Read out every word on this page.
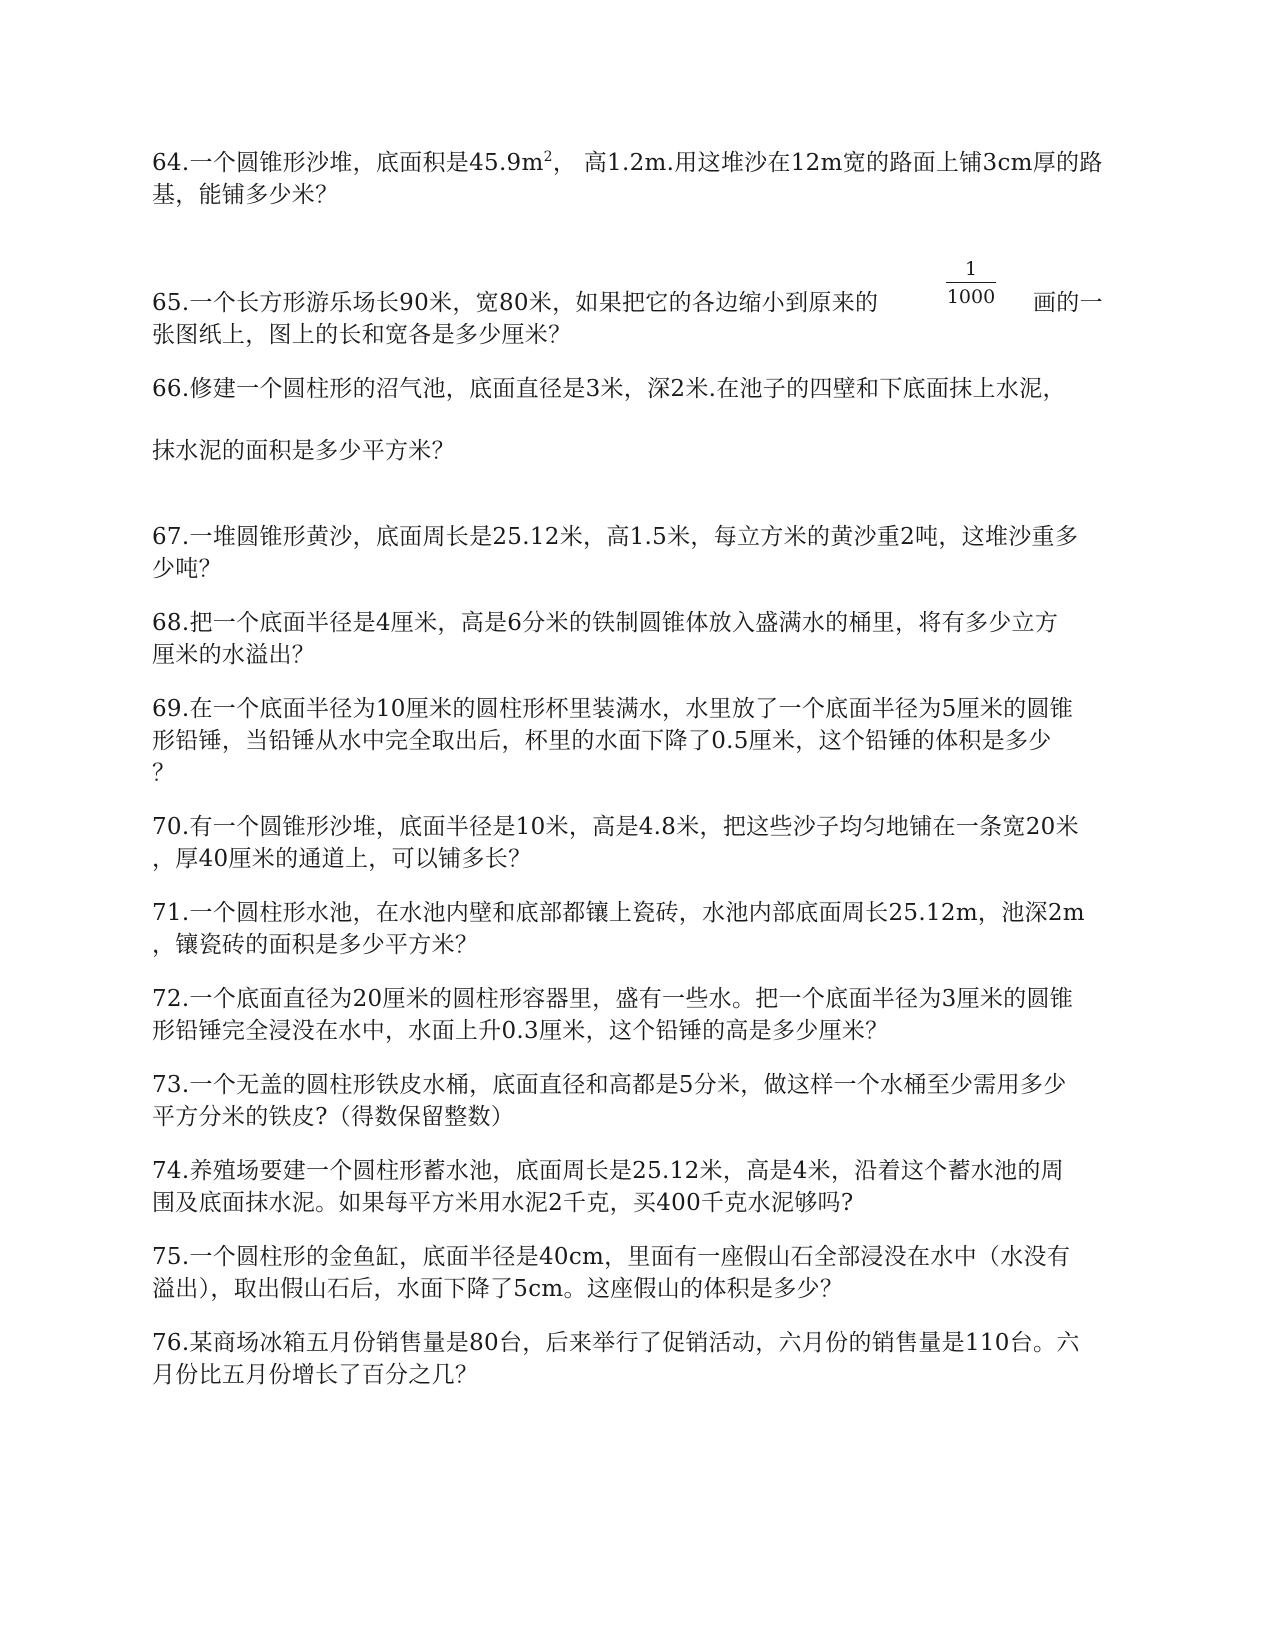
64.一个圆锥形沙堆，底面积是$45.9m^2$， 高1.2m.用这堆沙在12m宽的路面上铺3cm厚的路
基，能铺多少米？
1
1000
65.一个长方形游乐场长90米，宽80米，如果把它的各边缩小到原来的	画的一
张图纸上，图上的长和宽各是多少厘米？
66.修建一个圆柱形的沼气池，底面直径是3米，深2米.在池子的四壁和下底面抹上水泥，
抹水泥的面积是多少平方米？
67.一堆圆锥形黄沙，底面周长是25.12米，高1.5米，每立方米的黄沙重2吨，这堆沙重多
少吨？
68.把一个底面半径是4厘米，高是6分米的铁制圆锥体放入盛满水的桶里，将有多少立方
厘米的水溢出？
69.在一个底面半径为10厘米的圆柱形杯里装满水，水里放了一个底面半径为5厘米的圆锥
形铅锤，当铅锤从水中完全取出后，杯里的水面下降了0.5厘米，这个铅锤的体积是多少
？
70.有一个圆锥形沙堆，底面半径是10米，高是4.8米，把这些沙子均匀地铺在一条宽20米
，厚40厘米的通道上，可以铺多长？
71.一个圆柱形水池，在水池内壁和底部都镶上瓷砖，水池内部底面周长25.12m，池深2m
，镶瓷砖的面积是多少平方米？
72.一个底面直径为20厘米的圆柱形容器里，盛有一些水。把一个底面半径为3厘米的圆锥
形铅锤完全浸没在水中，水面上升0.3厘米，这个铅锤的高是多少厘米？
73.一个无盖的圆柱形铁皮水桶，底面直径和高都是5分米，做这样一个水桶至少需用多少
平方分米的铁皮?（得数保留整数）
74.养殖场要建一个圆柱形蓄水池，底面周长是25.12米，高是4米，沿着这个蓄水池的周
围及底面抹水泥。如果每平方米用水泥2千克，买400千克水泥够吗?
75.一个圆柱形的金鱼缸，底面半径是40cm，里面有一座假山石全部浸没在水中（水没有
溢出），取出假山石后，水面下降了5cm。这座假山的体积是多少？
76.某商场冰箱五月份销售量是80台，后来举行了促销活动，六月份的销售量是110台。六
月份比五月份增长了百分之几？
